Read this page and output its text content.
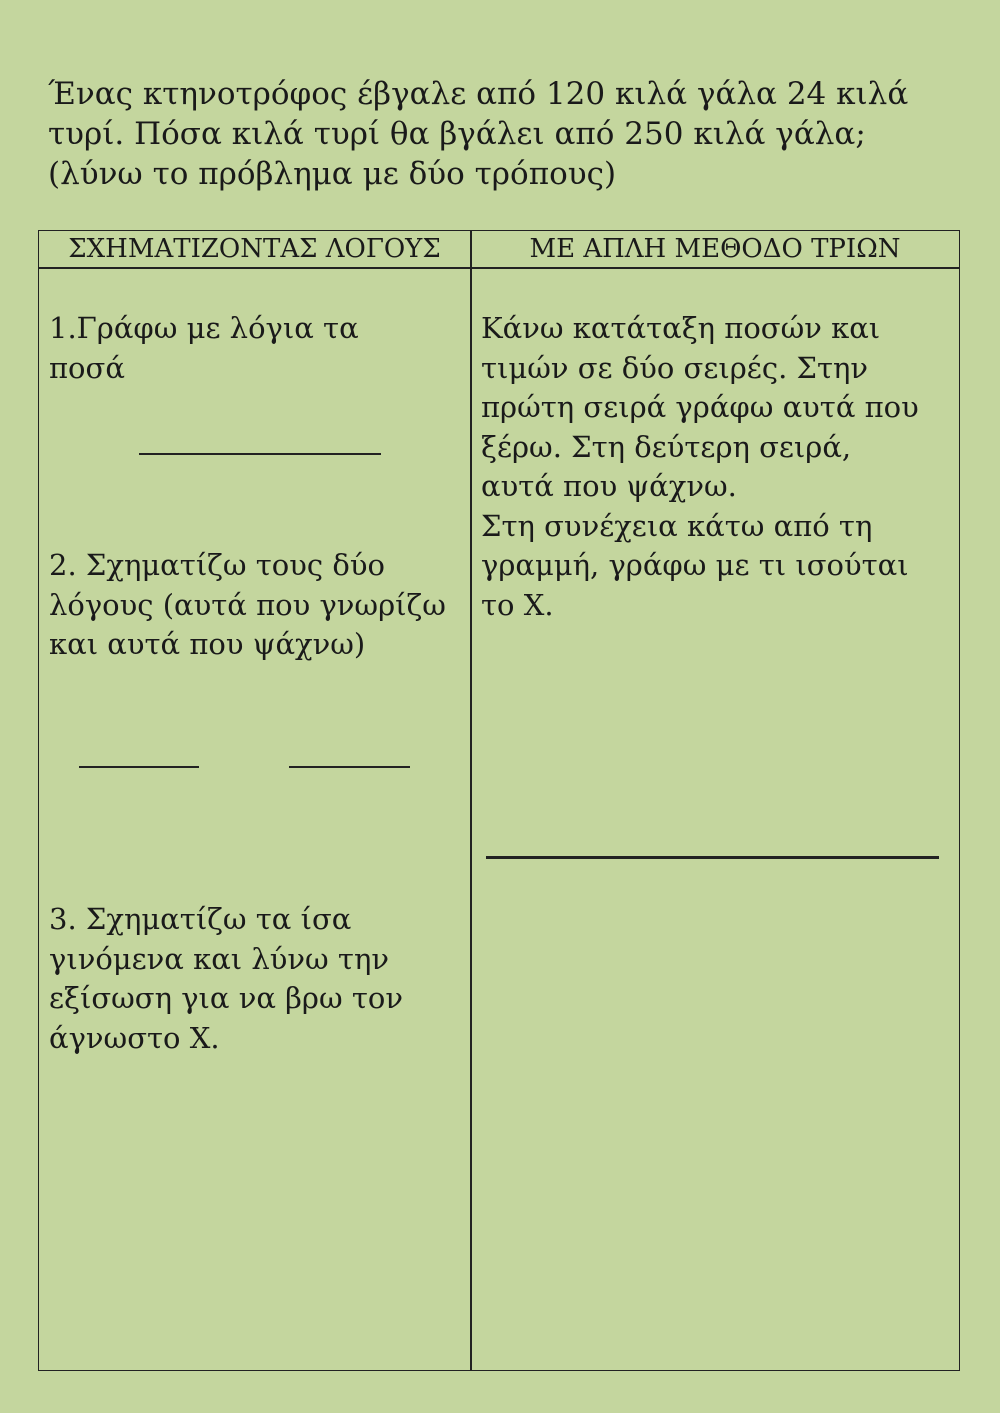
Ένας κτηνοτρόφος έβγαλε από 120 κιλά γάλα 24 κιλά
τυρί. Πόσα κιλά τυρί θα βγάλει από 250 κιλά γάλα;
(λύνω το πρόβλημα με δύο τρόπους)
ΣΧΗΜΑΤΙΖΟΝΤΑΣ ΛΟΓΟΥΣ	ΜΕ ΑΠΛΗ ΜΕΘΟΔΟ ΤΡΙΩΝ
1.Γράφω με λόγια τα
ποσά
2. Σχηματίζω τους δύο
λόγους (αυτά που γνωρίζω
και αυτά που ψάχνω)
3. Σχηματίζω τα ίσα
γινόμενα και λύνω την
εξίσωση για να βρω τον
άγνωστο Χ.
Κάνω κατάταξη ποσών και
τιμών σε δύο σειρές. Στην
πρώτη σειρά γράφω αυτά που
ξέρω. Στη δεύτερη σειρά,
αυτά που ψάχνω.
Στη συνέχεια κάτω από τη
γραμμή, γράφω με τι ισούται
το Χ.
